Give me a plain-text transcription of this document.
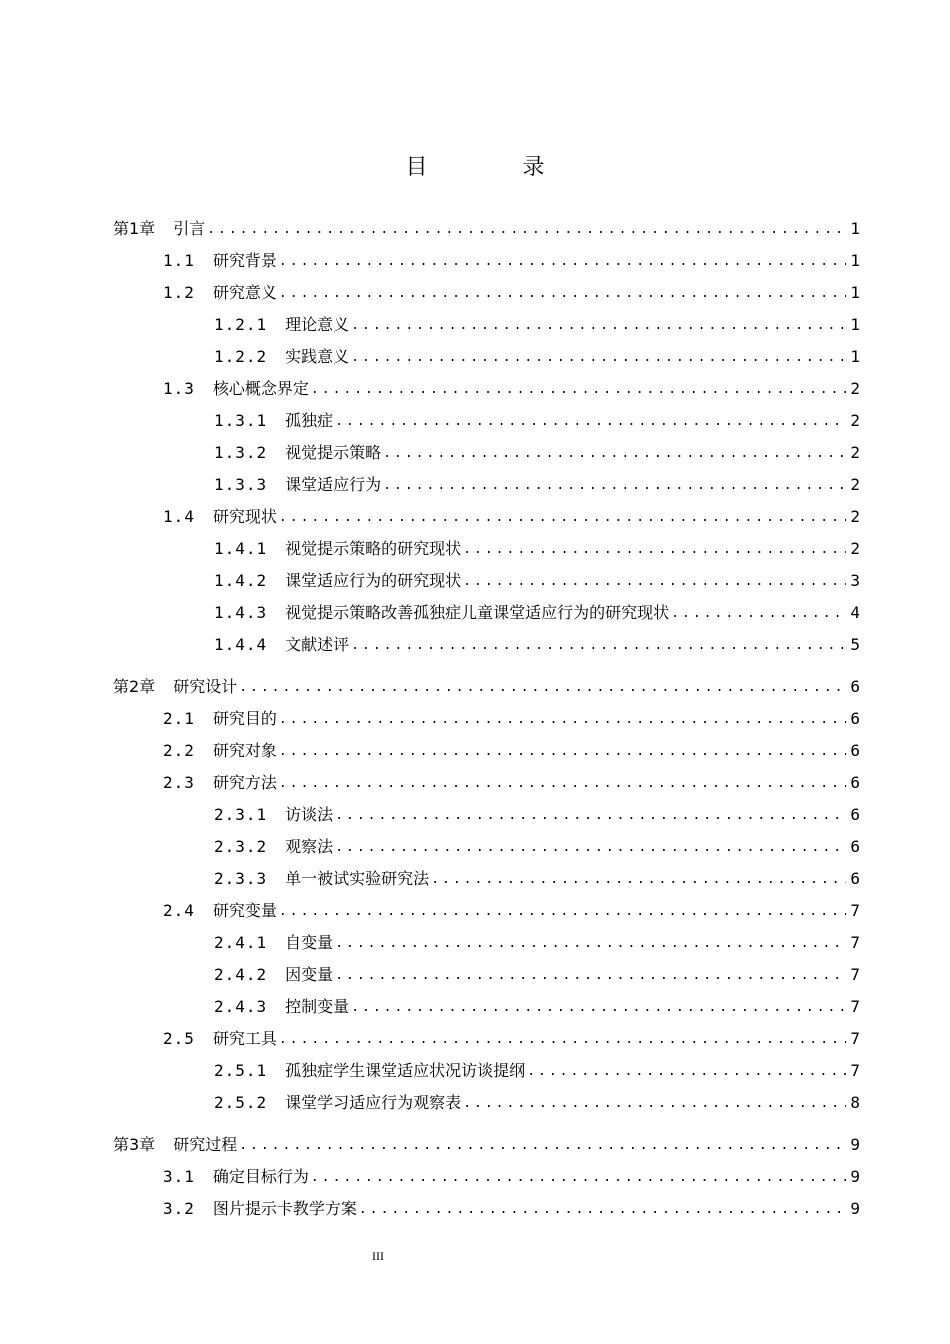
目 录
第1章	引言 .....	1
1.1	研究背景 .....	1
1.2	研究意义 .....	1
1.2.1	理论意义 .....	1
1.2.2	实践意义 .....	1
1.3	核心概念界定 .....	2
1.3.1	孤独症 .....	2
1.3.2	视觉提示策略 .....	2
1.3.3	课堂适应行为 .....	2
1.4	研究现状 .....	2
1.4.1	视觉提示策略的研究现状 .....	2
1.4.2	课堂适应行为的研究现状 .....	3
1.4.3	视觉提示策略改善孤独症儿童课堂适应行为的研究现状 .....	4
1.4.4	文献述评 .....	5
第2章	研究设计 .....	6
2.1	研究目的 .....	6
2.2	研究对象 .....	6
2.3	研究方法 .....	6
2.3.1	访谈法 .....	6
2.3.2	观察法 .....	6
2.3.3	单一被试实验研究法 .....	6
2.4	研究变量 .....	7
2.4.1	自变量 .....	7
2.4.2	因变量 .....	7
2.4.3	控制变量 .....	7
2.5	研究工具 .....	7
2.5.1	孤独症学生课堂适应状况访谈提纲 .....	7
2.5.2	课堂学习适应行为观察表 .....	8
第3章	研究过程 .....	9
3.1	确定目标行为 .....	9
3.2	图片提示卡教学方案 .....	9
III
